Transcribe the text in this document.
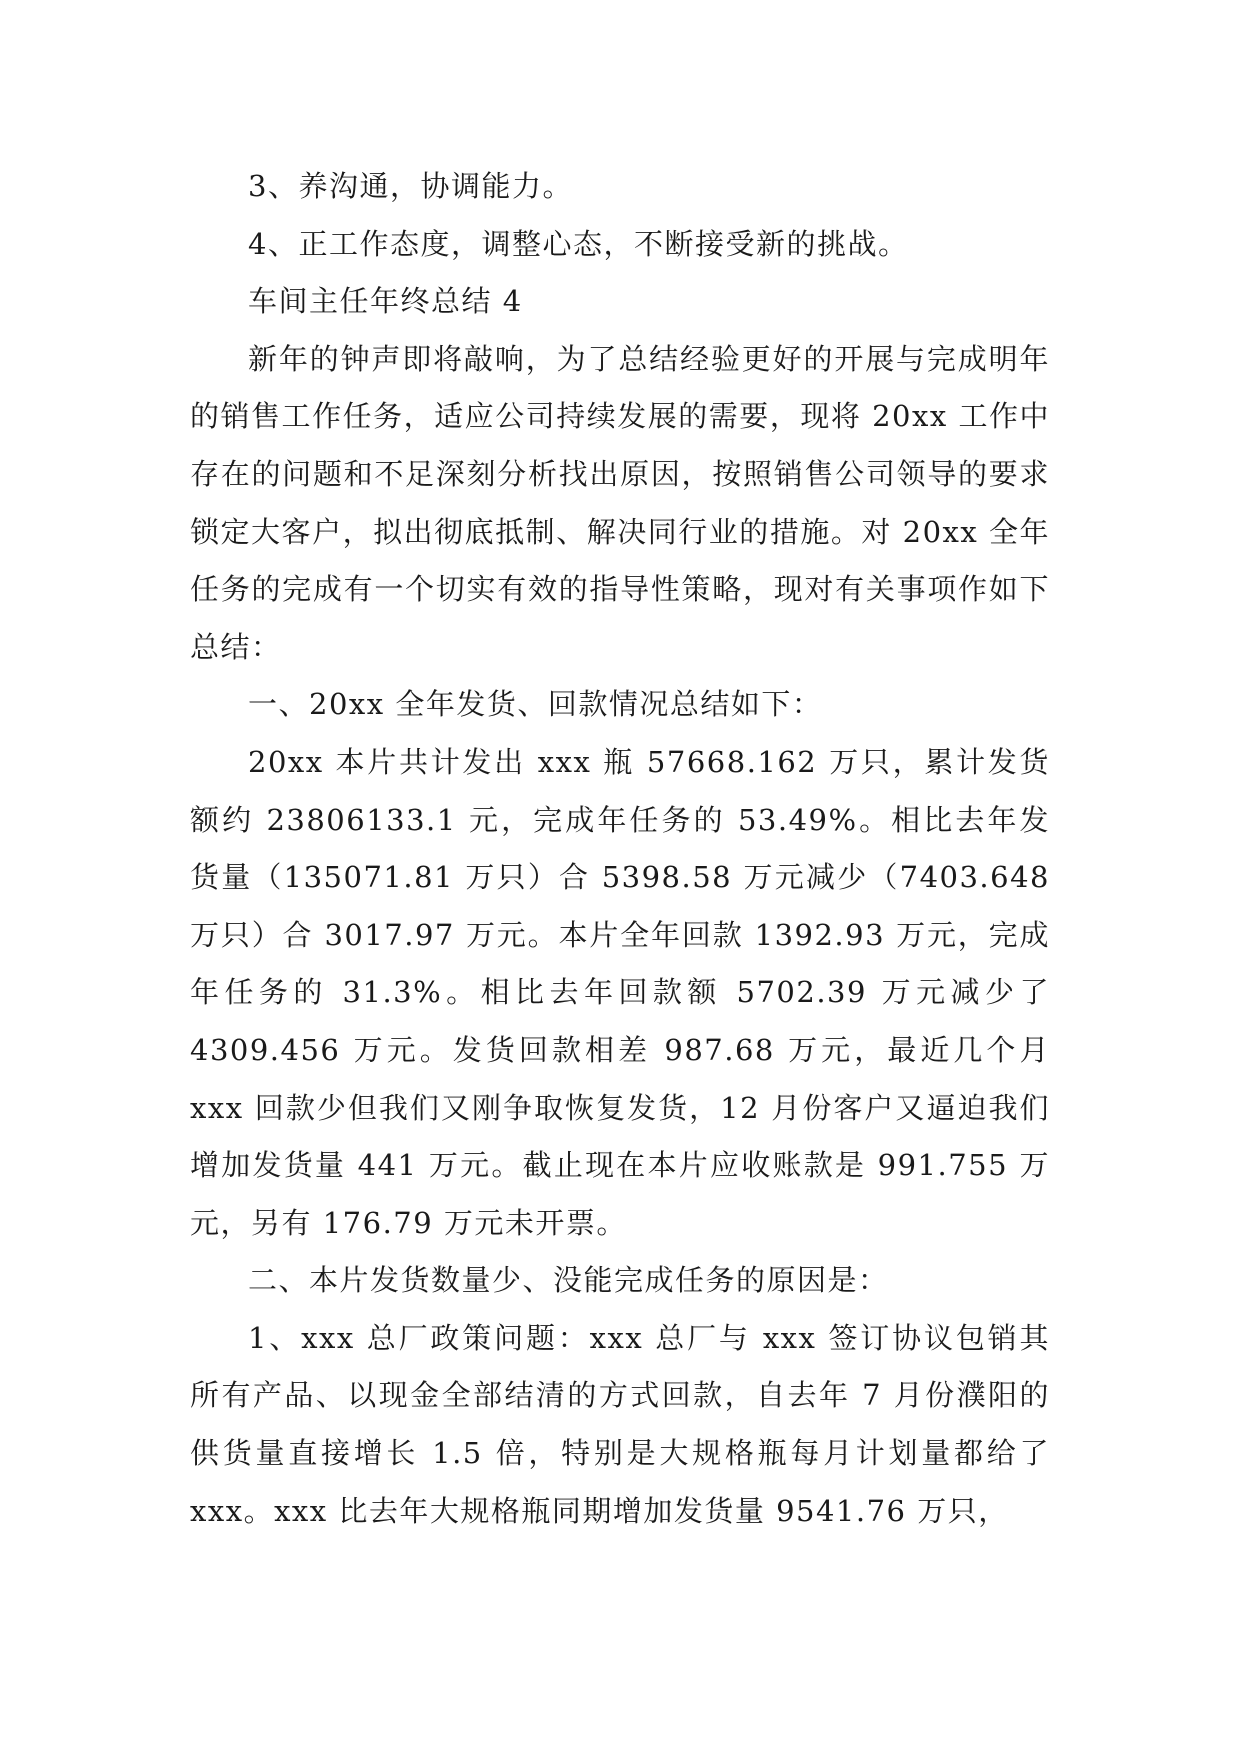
3、养沟通，协调能力。

4、正工作态度，调整心态，不断接受新的挑战。

车间主任年终总结 4

新年的钟声即将敲响，为了总结经验更好的开展与完成明年的销售工作任务，适应公司持续发展的需要，现将 20xx 工作中存在的问题和不足深刻分析找出原因，按照销售公司领导的要求锁定大客户，拟出彻底抵制、解决同行业的措施。对 20xx 全年任务的完成有一个切实有效的指导性策略，现对有关事项作如下总结：

一、20xx 全年发货、回款情况总结如下：

20xx 本片共计发出 xxx 瓶 57668.162 万只，累计发货额约 23806133.1 元，完成年任务的 53.49%。相比去年发货量（135071.81 万只）合 5398.58 万元减少（7403.648 万只）合 3017.97 万元。本片全年回款 1392.93 万元，完成年任务的 31.3%。相比去年回款额 5702.39 万元减少了 4309.456 万元。发货回款相差 987.68 万元，最近几个月 xxx 回款少但我们又刚争取恢复发货，12 月份客户又逼迫我们增加发货量 441 万元。截止现在本片应收账款是 991.755 万元，另有 176.79 万元未开票。

二、本片发货数量少、没能完成任务的原因是：

1、xxx 总厂政策问题：xxx 总厂与 xxx 签订协议包销其所有产品、以现金全部结清的方式回款，自去年 7 月份濮阳的供货量直接增长 1.5 倍，特别是大规格瓶每月计划量都给了 xxx。xxx 比去年大规格瓶同期增加发货量 9541.76 万只，
